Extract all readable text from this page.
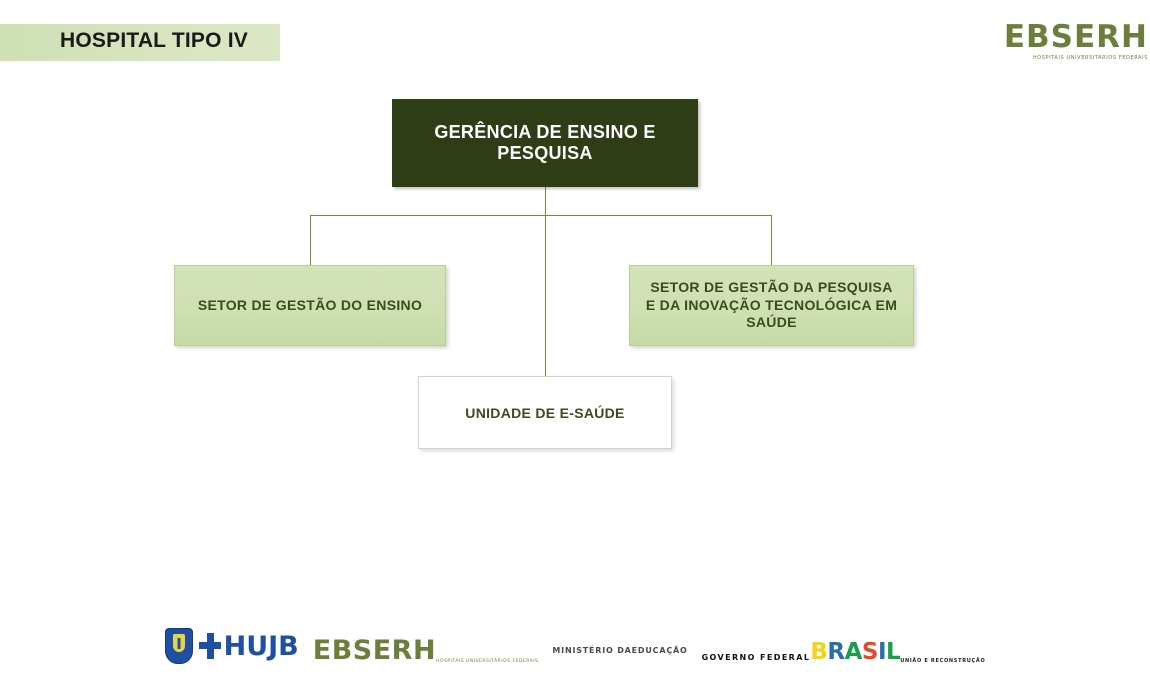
HOSPITAL TIPO IV	EBSERH
HOSPITAIS UNIVERSITÁRIOS FEDERAIS
GERÊNCIA DE ENSINO E PESQUISA
SETOR DE GESTÃO DO ENSINO
SETOR DE GESTÃO DA PESQUISA E DA INOVAÇÃO TECNOLÓGICA EM SAÚDE
UNIDADE DE E-SAÚDE
HUJB EBSERH HOSPITAIS UNIVERSITÁRIOS FEDERAIS
MINISTÉRIO DA EDUCAÇÃO
GOVERNO FEDERAL B R A S I L UNIÃO E RECONSTRUÇÃO
